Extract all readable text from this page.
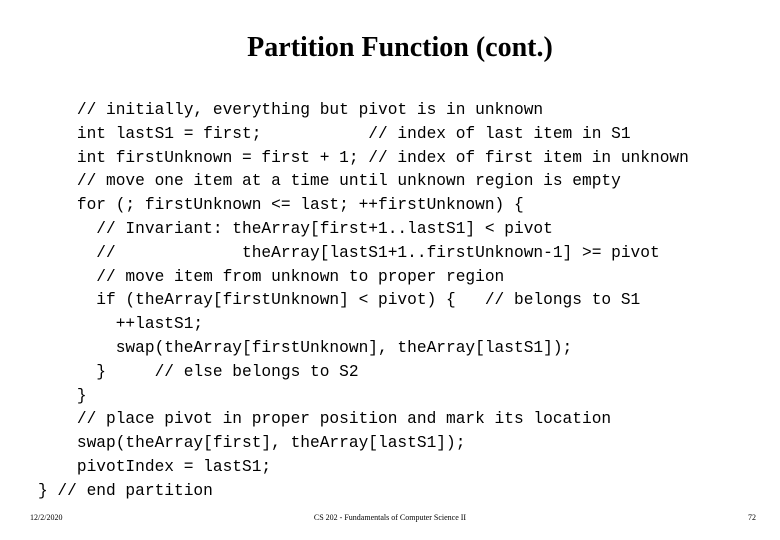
Partition Function (cont.)
// initially, everything but pivot is in unknown
int lastS1 = first;           // index of last item in S1
int firstUnknown = first + 1; // index of first item in unknown
// move one item at a time until unknown region is empty
for (; firstUnknown <= last; ++firstUnknown) {
// Invariant: theArray[first+1..lastS1] < pivot
//             theArray[lastS1+1..firstUnknown-1] >= pivot
// move item from unknown to proper region
if (theArray[firstUnknown] < pivot) {   // belongs to S1
++lastS1;
swap(theArray[firstUnknown], theArray[lastS1]);
}     // else belongs to S2
}
// place pivot in proper position and mark its location
swap(theArray[first], theArray[lastS1]);
pivotIndex = lastS1;
} // end partition
12/2/2020	CS 202 - Fundamentals of Computer Science II	72
